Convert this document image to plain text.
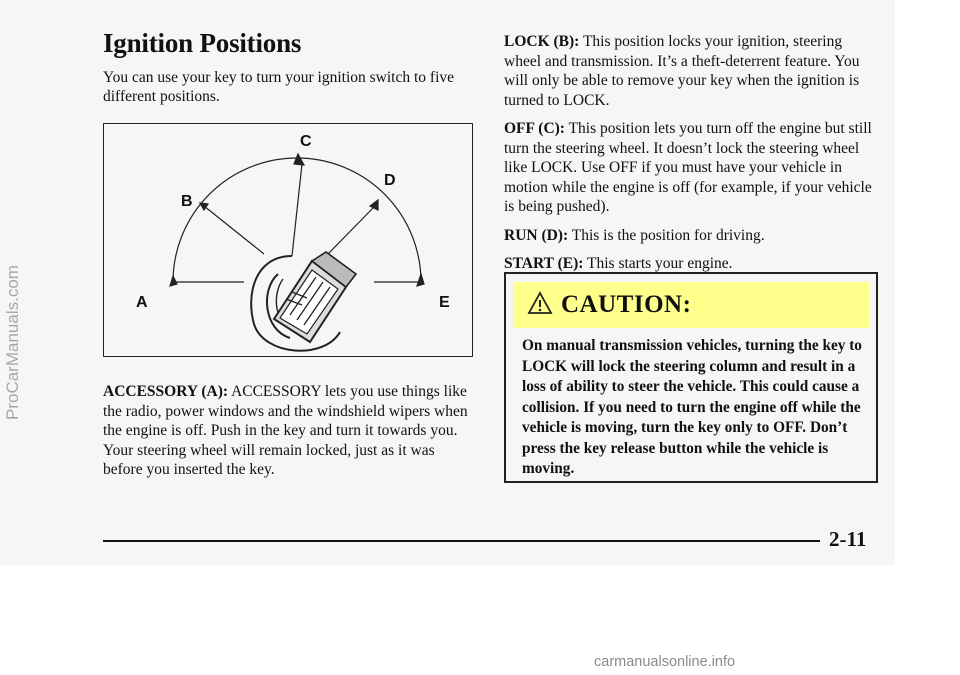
Ignition Positions

You can use your key to turn your ignition switch to five different positions.

C
B
D
A	E

ACCESSORY (A): ACCESSORY lets you use things like the radio, power windows and the windshield wipers when the engine is off. Push in the key and turn it towards you. Your steering wheel will remain locked, just as it was before you inserted the key.

LOCK (B): This position locks your ignition, steering wheel and transmission. It’s a theft-deterrent feature. You will only be able to remove your key when the ignition is turned to LOCK.

OFF (C): This position lets you turn off the engine but still turn the steering wheel. It doesn’t lock the steering wheel like LOCK. Use OFF if you must have your vehicle in motion while the engine is off (for example, if your vehicle is being pushed).

RUN (D): This is the position for driving.

START (E): This starts your engine.

CAUTION:

On manual transmission vehicles, turning the key to LOCK will lock the steering column and result in a loss of ability to steer the vehicle. This could cause a collision. If you need to turn the engine off while the vehicle is moving, turn the key only to OFF. Don’t press the key release button while the vehicle is moving.

2-11
ProCarManuals.com
carmanualsonline.info
